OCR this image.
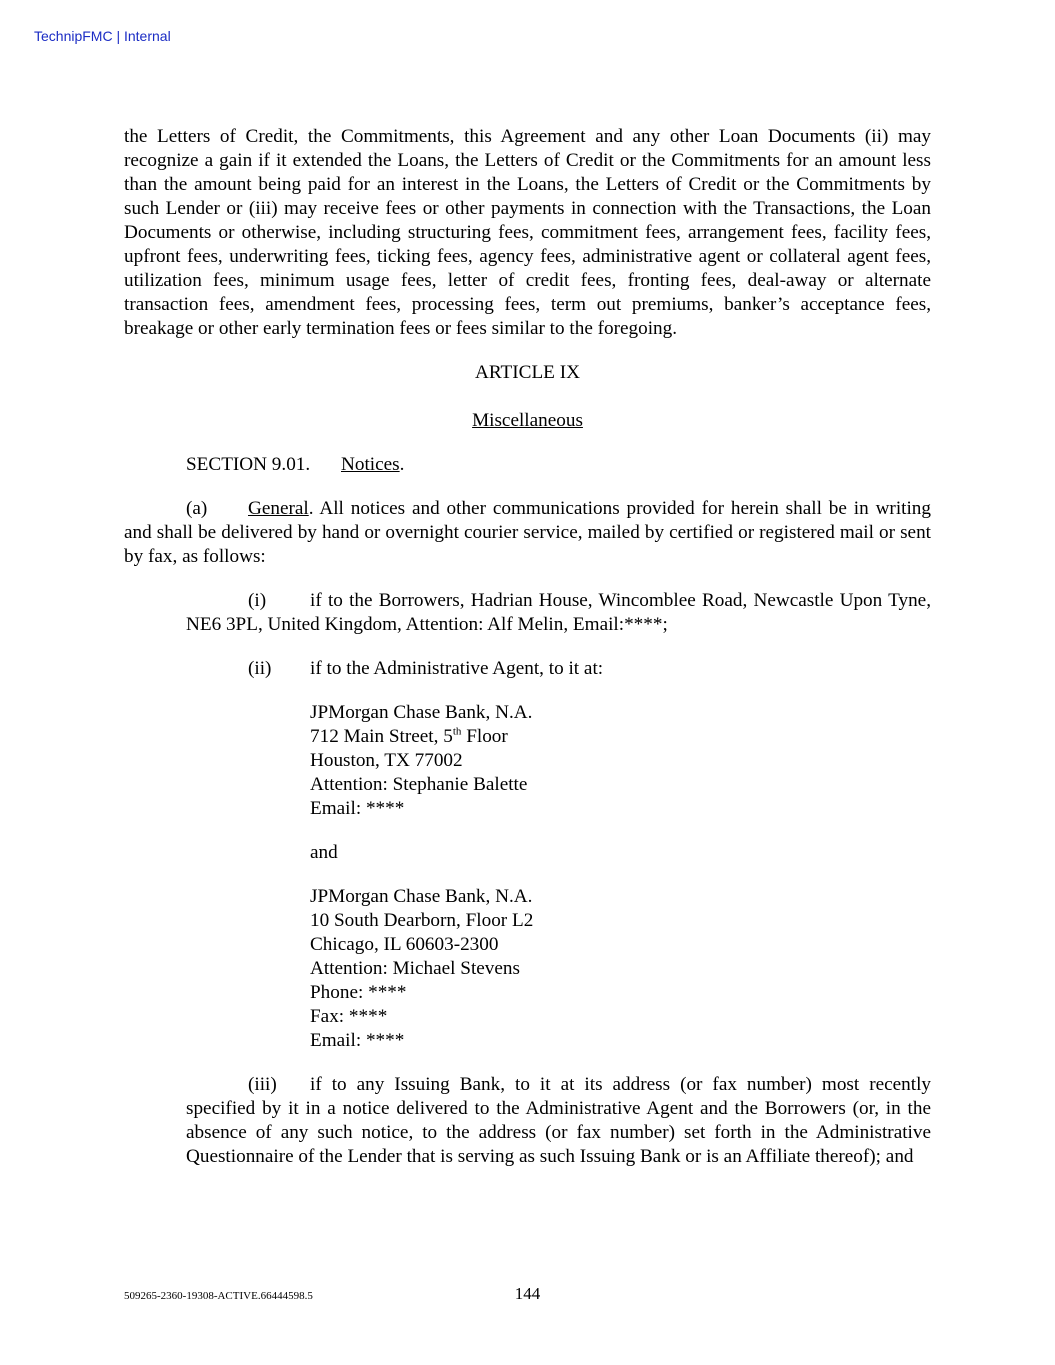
TechnipFMC | Internal

the Letters of Credit, the Commitments, this Agreement and any other Loan Documents (ii) may recognize a gain if it extended the Loans, the Letters of Credit or the Commitments for an amount less than the amount being paid for an interest in the Loans, the Letters of Credit or the Commitments by such Lender or (iii) may receive fees or other payments in connection with the Transactions, the Loan Documents or otherwise, including structuring fees, commitment fees, arrangement fees, facility fees, upfront fees, underwriting fees, ticking fees, agency fees, administrative agent or collateral agent fees, utilization fees, minimum usage fees, letter of credit fees, fronting fees, deal-away or alternate transaction fees, amendment fees, processing fees, term out premiums, banker’s acceptance fees, breakage or other early termination fees or fees similar to the foregoing.

ARTICLE IX

Miscellaneous

SECTION 9.01. Notices.

(a) General. All notices and other communications provided for herein shall be in writing and shall be delivered by hand or overnight courier service, mailed by certified or registered mail or sent by fax, as follows:

(i) if to the Borrowers, Hadrian House, Wincomblee Road, Newcastle Upon Tyne, NE6 3PL, United Kingdom, Attention: Alf Melin, Email:****;

(ii) if to the Administrative Agent, to it at:

JPMorgan Chase Bank, N.A.

712 Main Street, 5th Floor

Houston, TX 77002

Attention: Stephanie Balette

Email: ****

and

JPMorgan Chase Bank, N.A.

10 South Dearborn, Floor L2

Chicago, IL 60603-2300

Attention: Michael Stevens

Phone: ****

Fax: ****

Email: ****

(iii) if to any Issuing Bank, to it at its address (or fax number) most recently specified by it in a notice delivered to the Administrative Agent and the Borrowers (or, in the absence of any such notice, to the address (or fax number) set forth in the Administrative Questionnaire of the Lender that is serving as such Issuing Bank or is an Affiliate thereof); and

509265-2360-19308-ACTIVE.66444598.5	144
